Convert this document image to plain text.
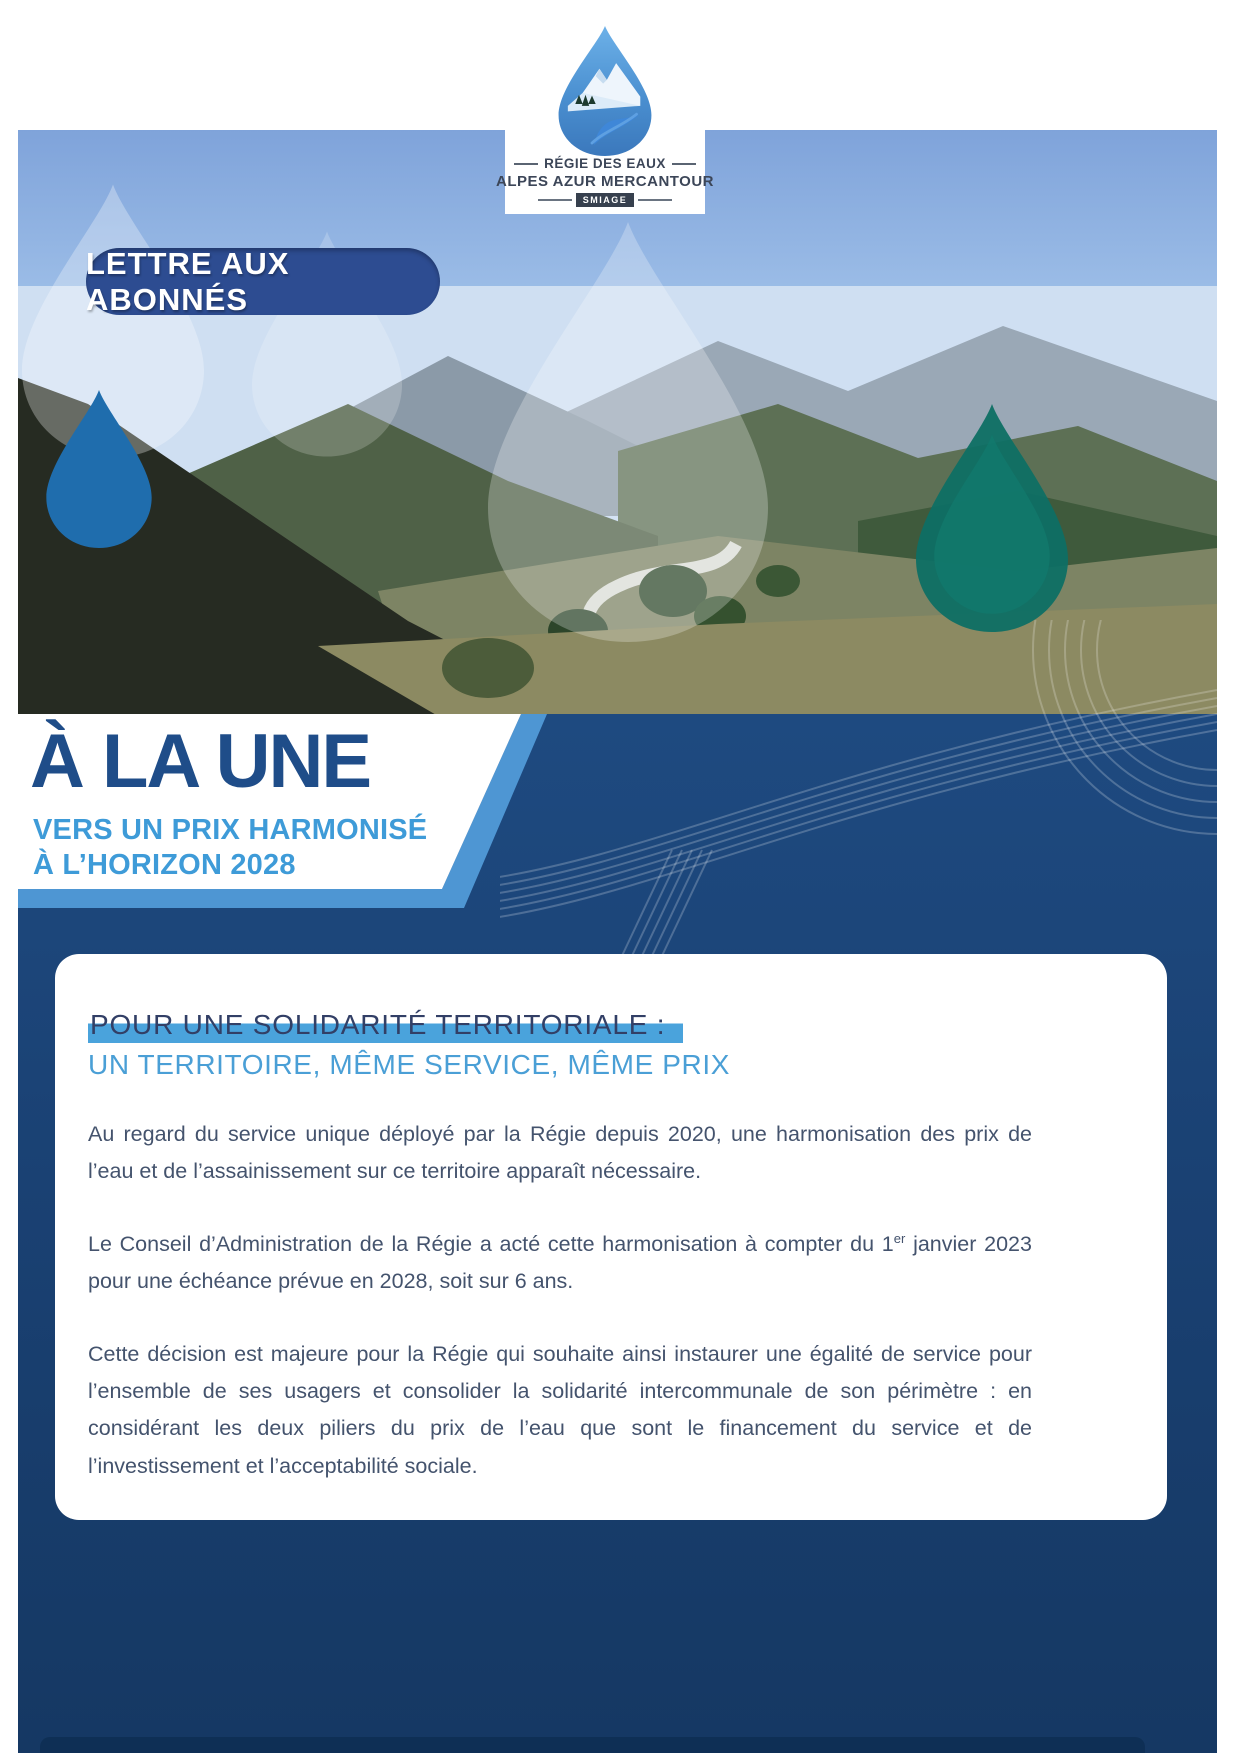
LETTRE AUX ABONNÉS
À LA UNE
VERS UN PRIX HARMONISÉ
À L’HORIZON 2028
POUR UNE SOLIDARITÉ TERRITORIALE :
UN TERRITOIRE, MÊME SERVICE, MÊME PRIX

Au regard du service unique déployé par la Régie depuis 2020, une harmonisation des prix de l’eau et de l’assainissement sur ce territoire apparaît nécessaire.

Le Conseil d’Administration de la Régie a acté cette harmonisation à compter du 1er janvier 2023 pour une échéance prévue en 2028, soit sur 6 ans.

Cette décision est majeure pour la Régie qui souhaite ainsi instaurer une égalité de service pour l’ensemble de ses usagers et consolider la solidarité intercommunale de son périmètre : en considérant les deux piliers du prix de l’eau que sont le financement du service et de l’investissement et l’acceptabilité sociale.

RÉGIE DES EAUX
ALPES AZUR MERCANTOUR
SMIAGE
